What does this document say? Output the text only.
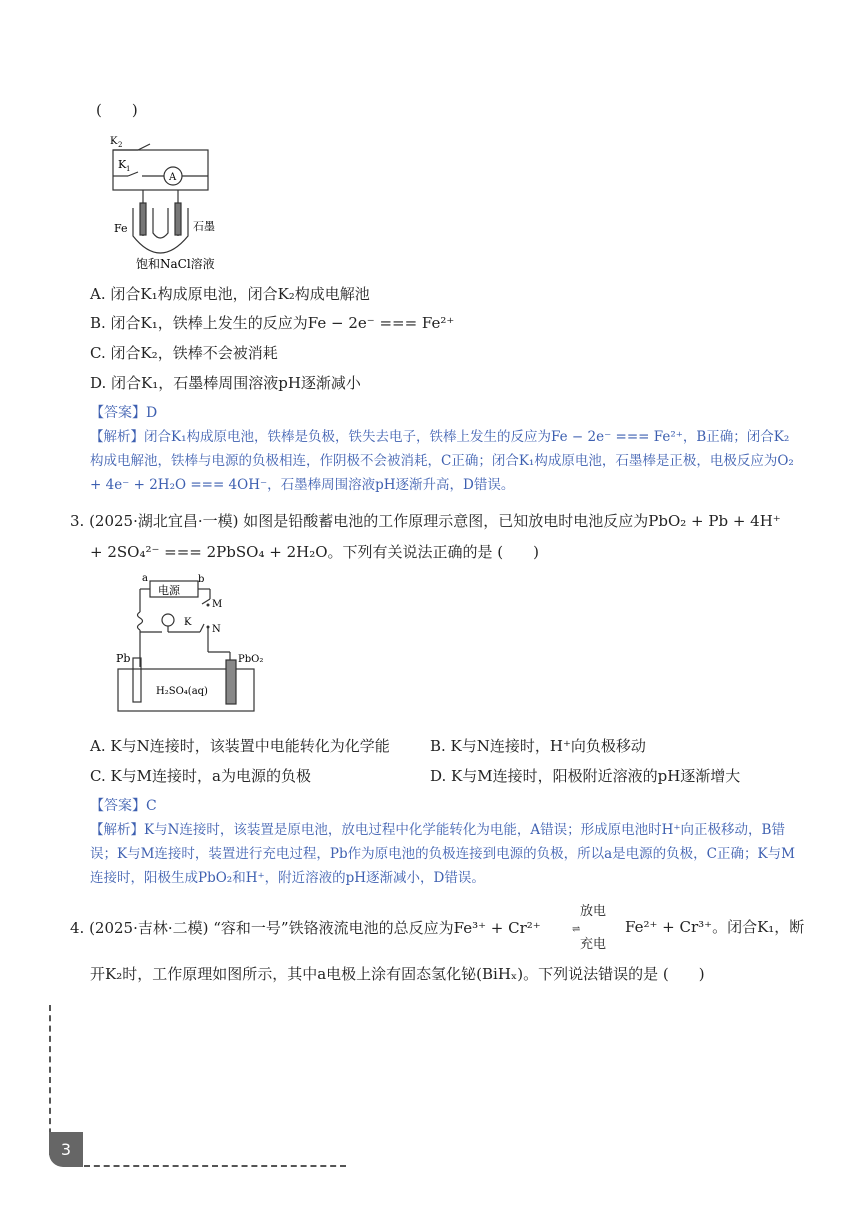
(　　)
K 2
K 1
A
Fe	石墨
饱和NaCl溶液
A. 闭合K₁构成原电池，闭合K₂构成电解池
B. 闭合K₁，铁棒上发生的反应为Fe − 2e⁻ === Fe²⁺
C. 闭合K₂，铁棒不会被消耗
D. 闭合K₁，石墨棒周围溶液pH逐渐减小
【答案】D
【解析】闭合K₁构成原电池，铁棒是负极，铁失去电子，铁棒上发生的反应为Fe − 2e⁻ === Fe²⁺，B正确；闭合K₂构成电解池，铁棒与电源的负极相连，作阴极不会被消耗，C正确；闭合K₁构成原电池，石墨棒是正极，电极反应为O₂ + 4e⁻ + 2H₂O === 4OH⁻，石墨棒周围溶液pH逐渐升高，D错误。
3. (2025·湖北宜昌·一模) 如图是铅酸蓄电池的工作原理示意图，已知放电时电池反应为PbO₂ + Pb + 4H⁺
+ 2SO₄²⁻ === 2PbSO₄ + 2H₂O。下列有关说法正确的是 (　　)
a	b
电源
M
K
N
Pb	PbO₂
H₂SO₄(aq)
A. K与N连接时，该装置中电能转化为化学能	B. K与N连接时，H⁺向负极移动
C. K与M连接时，a为电源的负极	D. K与M连接时，阳极附近溶液的pH逐渐增大
【答案】C
【解析】K与N连接时，该装置是原电池，放电过程中化学能转化为电能，A错误；形成原电池时H⁺向正极移动，B错误；K与M连接时，装置进行充电过程，Pb作为原电池的负极连接到电源的负极，所以a是电源的负极，C正确；K与M连接时，阳极生成PbO₂和H⁺，附近溶液的pH逐渐减小，D错误。
4. (2025·吉林·二模) “容和一号”铁铬液流电池的总反应为Fe³⁺ + Cr²⁺
放电
⇌
充电
Fe²⁺ + Cr³⁺。闭合K₁，断
开K₂时，工作原理如图所示，其中a电极上涂有固态氢化铋(BiHₓ)。下列说法错误的是 (　　)
3
